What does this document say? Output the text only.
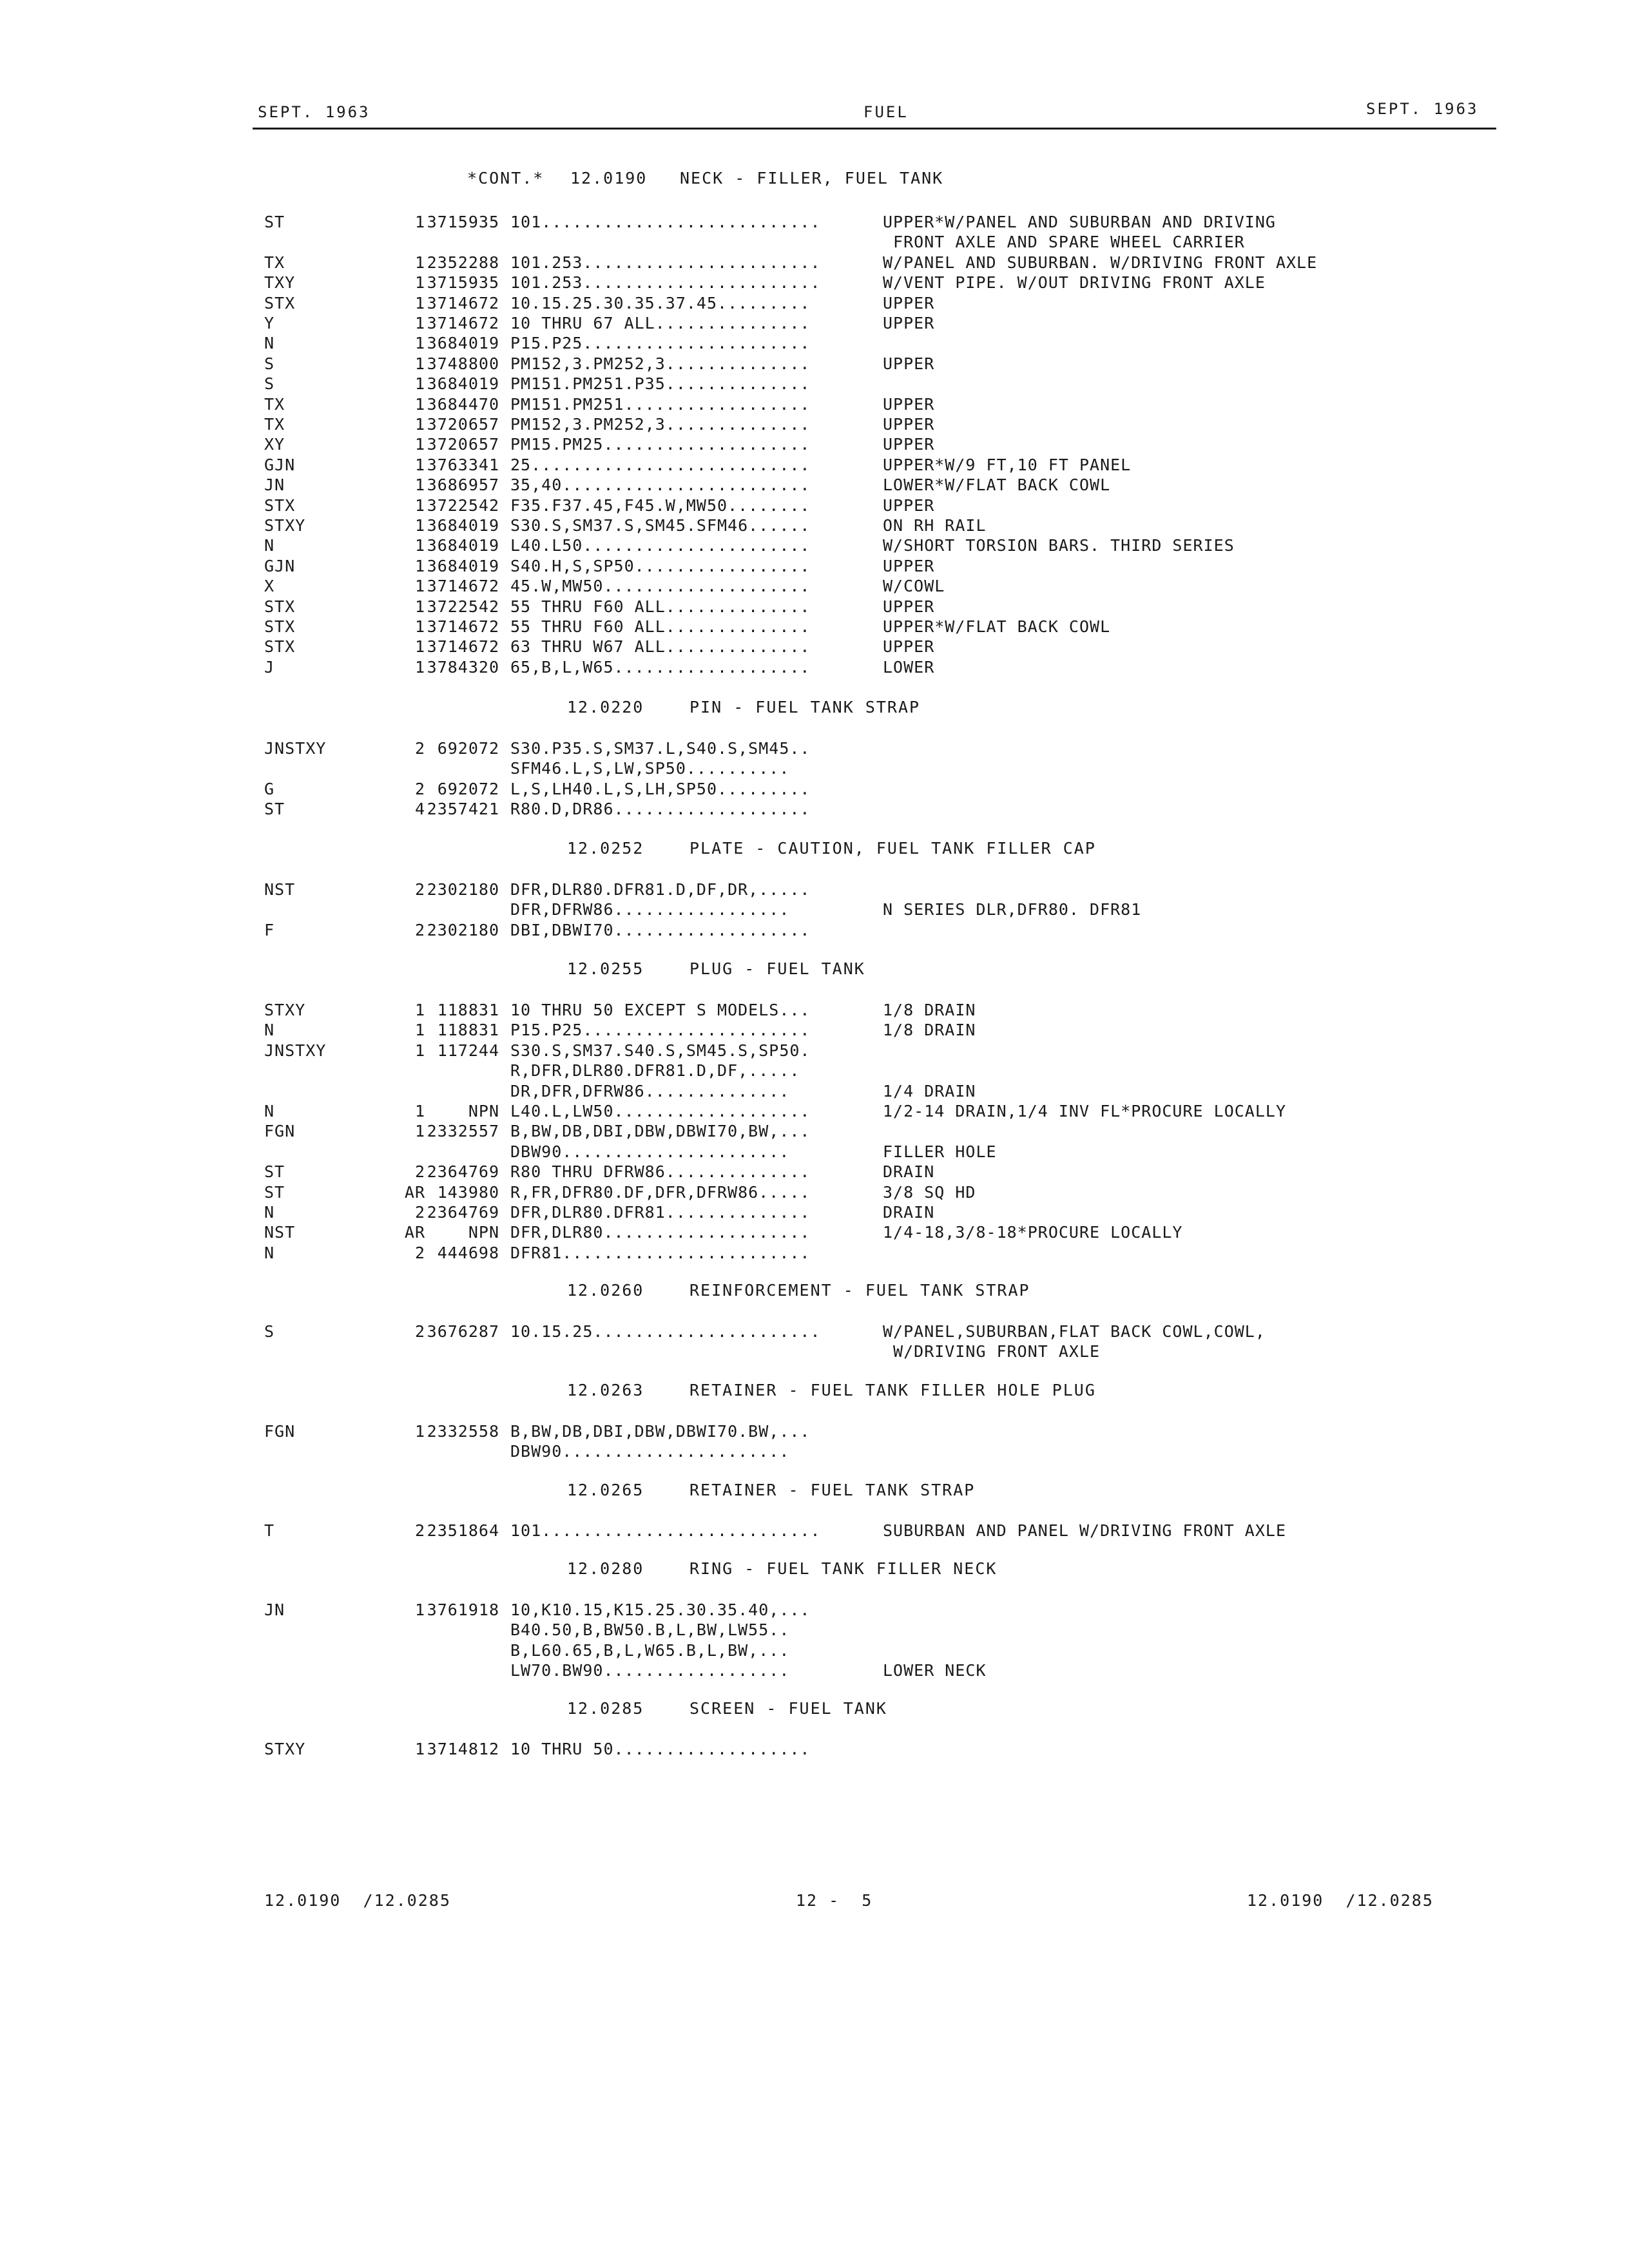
SEPT. 1963	FUEL	SEPT. 1963
*CONT.* 12.0190 NECK - FILLER, FUEL TANK
ST	1 3715935 101...........................	UPPER*W/PANEL AND SUBURBAN AND DRIVING
FRONT AXLE AND SPARE WHEEL CARRIER
TX	1 2352288 101.253.......................	W/PANEL AND SUBURBAN. W/DRIVING FRONT AXLE
TXY	1 3715935 101.253.......................	W/VENT PIPE. W/OUT DRIVING FRONT AXLE
STX	1 3714672 10.15.25.30.35.37.45.........	UPPER
Y	1 3714672 10 THRU 67 ALL...............	UPPER
N	1 3684019 P15.P25......................
S	1 3748800 PM152,3.PM252,3..............	UPPER
S	1 3684019 PM151.PM251.P35..............
TX	1 3684470 PM151.PM251..................	UPPER
TX	1 3720657 PM152,3.PM252,3..............	UPPER
XY	1 3720657 PM15.PM25....................	UPPER
GJN	1 3763341 25...........................	UPPER*W/9 FT,10 FT PANEL
JN	1 3686957 35,40........................	LOWER*W/FLAT BACK COWL
STX	1 3722542 F35.F37.45,F45.W,MW50........	UPPER
STXY	1 3684019 S30.S,SM37.S,SM45.SFM46......	ON RH RAIL
N	1 3684019 L40.L50......................	W/SHORT TORSION BARS. THIRD SERIES
GJN	1 3684019 S40.H,S,SP50.................	UPPER
X	1 3714672 45.W,MW50....................	W/COWL
STX	1 3722542 55 THRU F60 ALL..............	UPPER
STX	1 3714672 55 THRU F60 ALL..............	UPPER*W/FLAT BACK COWL
STX	1 3714672 63 THRU W67 ALL..............	UPPER
J	1 3784320 65,B,L,W65...................	LOWER
12.0220	PIN - FUEL TANK STRAP
JNSTXY	2 692072 S30.P35.S,SM37.L,S40.S,SM45..
SFM46.L,S,LW,SP50..........
G	2 692072 L,S,LH40.L,S,LH,SP50.........
ST	4 2357421 R80.D,DR86...................
12.0252	PLATE - CAUTION, FUEL TANK FILLER CAP
NST	2 2302180 DFR,DLR80.DFR81.D,DF,DR,.....
DFR,DFRW86.................	N SERIES DLR,DFR80. DFR81
F	2 2302180 DBI,DBWI70...................
12.0255	PLUG - FUEL TANK
STXY	1 118831 10 THRU 50 EXCEPT S MODELS...	1/8 DRAIN
N	1 118831 P15.P25......................	1/8 DRAIN
JNSTXY	1 117244 S30.S,SM37.S40.S,SM45.S,SP50.
R,DFR,DLR80.DFR81.D,DF,.....
DR,DFR,DFRW86..............	1/4 DRAIN
N	1	NPN L40.L,LW50...................	1/2-14 DRAIN,1/4 INV FL*PROCURE LOCALLY
FGN	1 2332557 B,BW,DB,DBI,DBW,DBWI70,BW,...
DBW90......................	FILLER HOLE
ST	2 2364769 R80 THRU DFRW86..............	DRAIN
ST	AR 143980 R,FR,DFR80.DF,DFR,DFRW86.....	3/8 SQ HD
N	2 2364769 DFR,DLR80.DFR81..............	DRAIN
NST	AR	NPN DFR,DLR80....................	1/4-18,3/8-18*PROCURE LOCALLY
N	2 444698 DFR81........................
12.0260	REINFORCEMENT - FUEL TANK STRAP
S	2 3676287 10.15.25......................	W/PANEL,SUBURBAN,FLAT BACK COWL,COWL,
W/DRIVING FRONT AXLE
12.0263	RETAINER - FUEL TANK FILLER HOLE PLUG
FGN	1 2332558 B,BW,DB,DBI,DBW,DBWI70.BW,...
DBW90......................
12.0265	RETAINER - FUEL TANK STRAP
T	2 2351864 101...........................	SUBURBAN AND PANEL W/DRIVING FRONT AXLE
12.0280	RING - FUEL TANK FILLER NECK
JN	1 3761918 10,K10.15,K15.25.30.35.40,...
B40.50,B,BW50.B,L,BW,LW55..
B,L60.65,B,L,W65.B,L,BW,...
LW70.BW90..................	LOWER NECK
12.0285	SCREEN - FUEL TANK
STXY	1 3714812 10 THRU 50...................
12.0190  /12.0285	12 -  5	12.0190  /12.0285
